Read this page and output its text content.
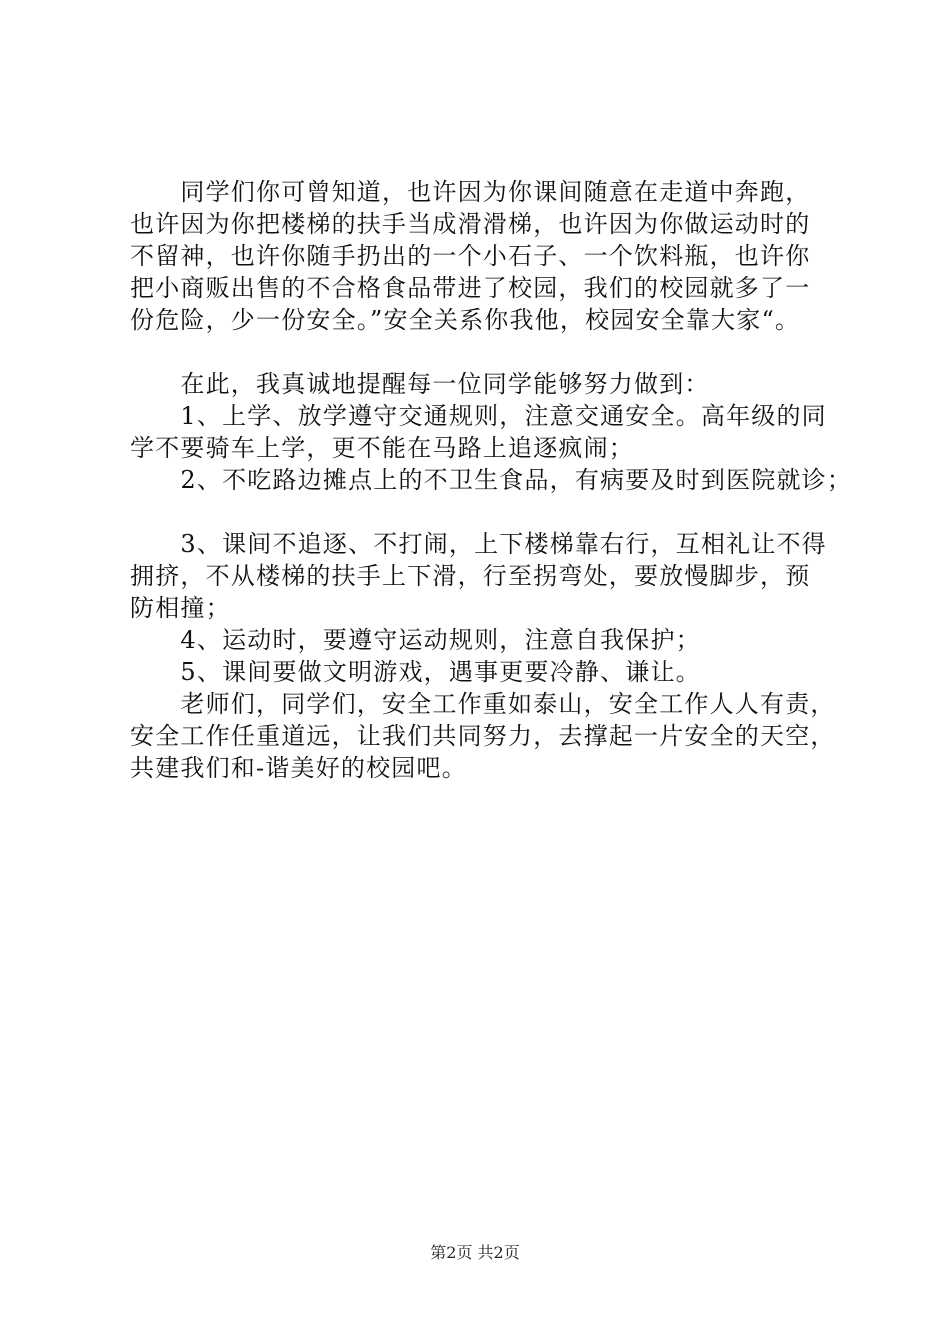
　　同学们你可曾知道，也许因为你课间随意在走道中奔跑，
也许因为你把楼梯的扶手当成滑滑梯，也许因为你做运动时的
不留神，也许你随手扔出的一个小石子、一个饮料瓶，也许你
把小商贩出售的不合格食品带进了校园，我们的校园就多了一
份危险，少一份安全。”安全关系你我他，校园安全靠大家“。
　　在此，我真诚地提醒每一位同学能够努力做到：
　　1、上学、放学遵守交通规则，注意交通安全。高年级的同
学不要骑车上学，更不能在马路上追逐疯闹；
　　2、不吃路边摊点上的不卫生食品，有病要及时到医院就诊；
　　3、课间不追逐、不打闹，上下楼梯靠右行，互相礼让不得
拥挤，不从楼梯的扶手上下滑，行至拐弯处，要放慢脚步，预
防相撞；
　　4、运动时，要遵守运动规则，注意自我保护；
　　5、课间要做文明游戏，遇事更要冷静、谦让。
　　老师们，同学们，安全工作重如泰山，安全工作人人有责，
安全工作任重道远，让我们共同努力，去撑起一片安全的天空，
共建我们和-谐美好的校园吧。
第2页 共2页
